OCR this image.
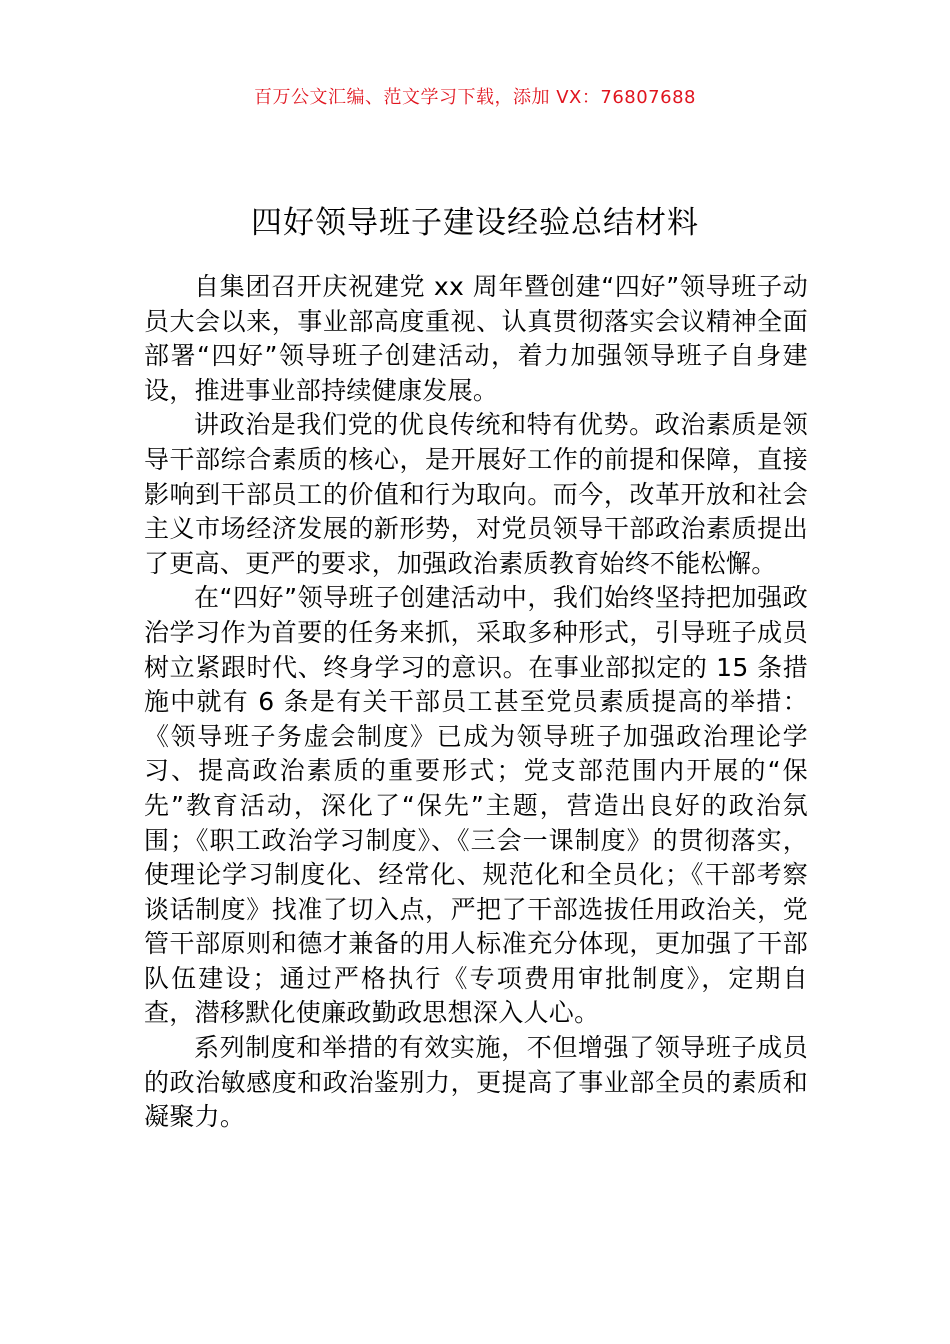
百万公文汇编、范文学习下载，添加 VX：76807688
四好领导班子建设经验总结材料

自集团召开庆祝建党 xx 周年暨创建“四好”领导班子动员大会以来，事业部高度重视、认真贯彻落实会议精神全面部署“四好”领导班子创建活动，着力加强领导班子自身建设，推进事业部持续健康发展。

讲政治是我们党的优良传统和特有优势。政治素质是领导干部综合素质的核心，是开展好工作的前提和保障，直接影响到干部员工的价值和行为取向。而今，改革开放和社会主义市场经济发展的新形势，对党员领导干部政治素质提出了更高、更严的要求，加强政治素质教育始终不能松懈。

在“四好”领导班子创建活动中，我们始终坚持把加强政治学习作为首要的任务来抓，采取多种形式，引导班子成员树立紧跟时代、终身学习的意识。在事业部拟定的 15 条措施中就有 6 条是有关干部员工甚至党员素质提高的举措：《领导班子务虚会制度》已成为领导班子加强政治理论学习、提高政治素质的重要形式；党支部范围内开展的“保先”教育活动，深化了“保先”主题，营造出良好的政治氛围；《职工政治学习制度》、《三会一课制度》的贯彻落实，使理论学习制度化、经常化、规范化和全员化；《干部考察谈话制度》找准了切入点，严把了干部选拔任用政治关，党管干部原则和德才兼备的用人标准充分体现，更加强了干部队伍建设；通过严格执行《专项费用审批制度》，定期自查，潜移默化使廉政勤政思想深入人心。

系列制度和举措的有效实施，不但增强了领导班子成员的政治敏感度和政治鉴别力，更提高了事业部全员的素质和凝聚力。
